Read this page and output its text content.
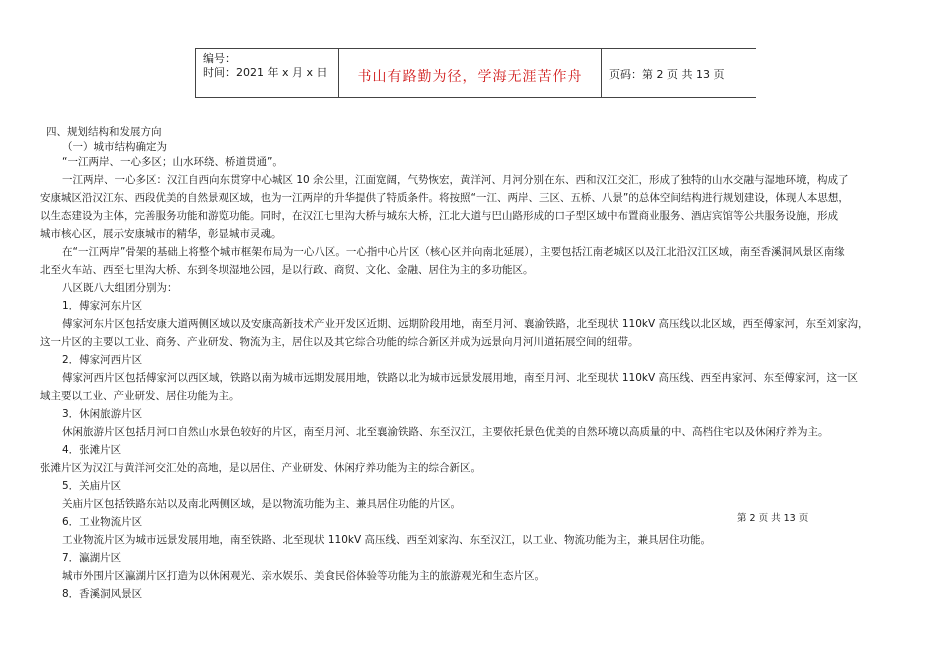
编号：
时间：2021 年 x 月 x 日	书山有路勤为径，学海无涯苦作舟	页码：第 2 页 共 13 页
四、规划结构和发展方向
（一）城市结构确定为
“一江两岸、一心多区；山水环绕、桥道贯通”。
一江两岸、一心多区：汉江自西向东贯穿中心城区 10 余公里，江面宽阔，气势恢宏，黄洋河、月河分别在东、西和汉江交汇，形成了独特的山水交融与湿地环境，构成了
安康城区沿汉江东、西段优美的自然景观区域，也为一江两岸的升华提供了特质条件。将按照“一江、两岸、三区、五桥、八景”的总体空间结构进行规划建设，体现人本思想，
以生态建设为主体，完善服务功能和游览功能。同时，在汉江七里沟大桥与城东大桥，江北大道与巴山路形成的口子型区域中布置商业服务、酒店宾馆等公共服务设施，形成
城市核心区，展示安康城市的精华，彰显城市灵魂。
在“一江两岸”骨架的基础上将整个城市框架布局为一心八区。一心指中心片区（核心区并向南北延展），主要包括江南老城区以及江北沿汉江区域，南至香溪洞风景区南缘
北至火车站、西至七里沟大桥、东到冬坝湿地公园，是以行政、商贸、文化、金融、居住为主的多功能区。
八区既八大组团分别为：
1．傅家河东片区
傅家河东片区包括安康大道两侧区域以及安康高新技术产业开发区近期、远期阶段用地，南至月河、襄渝铁路，北至现状 110kV 高压线以北区域，西至傅家河，东至刘家沟，
这一片区的主要以工业、商务、产业研发、物流为主，居住以及其它综合功能的综合新区并成为远景向月河川道拓展空间的纽带。
2．傅家河西片区
傅家河西片区包括傅家河以西区域，铁路以南为城市远期发展用地，铁路以北为城市远景发展用地，南至月河、北至现状 110kV 高压线、西至冉家河、东至傅家河，这一区
域主要以工业、产业研发、居住功能为主。
3．休闲旅游片区
休闲旅游片区包括月河口自然山水景色较好的片区，南至月河、北至襄渝铁路、东至汉江，主要依托景色优美的自然环境以高质量的中、高档住宅以及休闲疗养为主。
4．张滩片区
张滩片区为汉江与黄洋河交汇处的高地，是以居住、产业研发、休闲疗养功能为主的综合新区。
5．关庙片区
关庙片区包括铁路东站以及南北两侧区域，是以物流功能为主、兼具居住功能的片区。
6．工业物流片区
工业物流片区为城市远景发展用地，南至铁路、北至现状 110kV 高压线、西至刘家沟、东至汉江，以工业、物流功能为主，兼具居住功能。
7．瀛湖片区
城市外围片区瀛湖片区打造为以休闲观光、亲水娱乐、美食民俗体验等功能为主的旅游观光和生态片区。
8．香溪洞风景区
第 2 页 共 13 页
